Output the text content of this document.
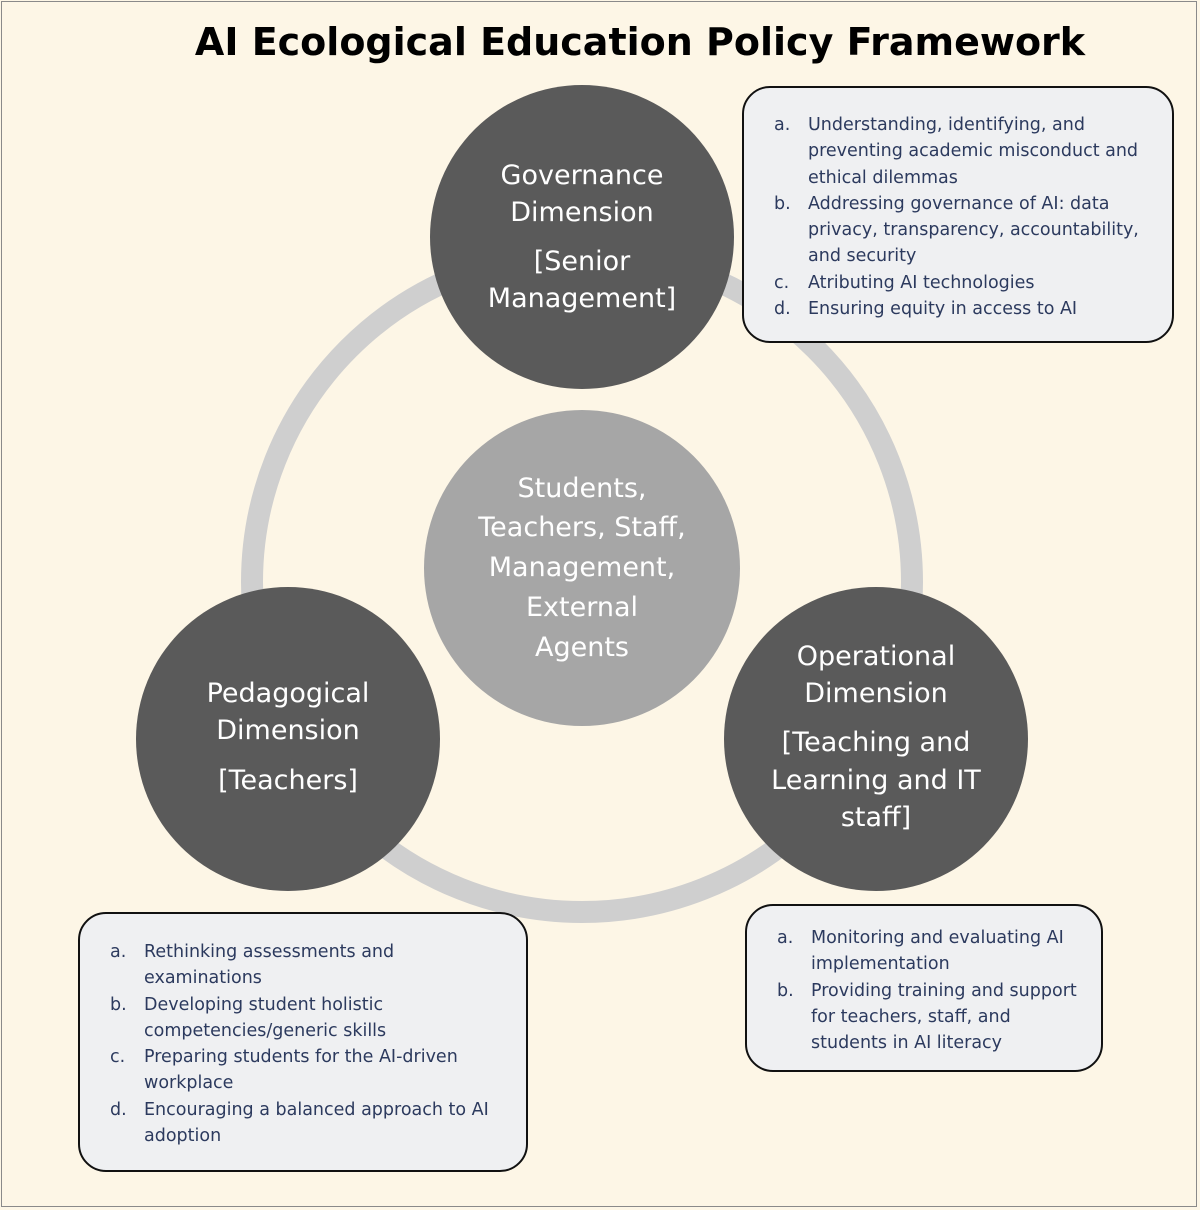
AI Ecological Education Policy Framework
Governance
Dimension
[Senior
Management]
Students,
Teachers, Staff,
Management,
External
Agents
Pedagogical
Dimension
[Teachers]
Operational
Dimension
[Teaching and
Learning and IT
staff]
a. Understanding, identifying, and
preventing academic misconduct and
ethical dilemmas
b. Addressing governance of AI: data
privacy, transparency, accountability,
and security
c. Atributing AI technologies
d. Ensuring equity in access to AI
a. Rethinking assessments and
examinations
b. Developing student holistic
competencies/generic skills
c. Preparing students for the AI-driven
workplace
d. Encouraging a balanced approach to AI
adoption
a. Monitoring and evaluating AI
implementation
b. Providing training and support
for teachers, staff, and
students in AI literacy
